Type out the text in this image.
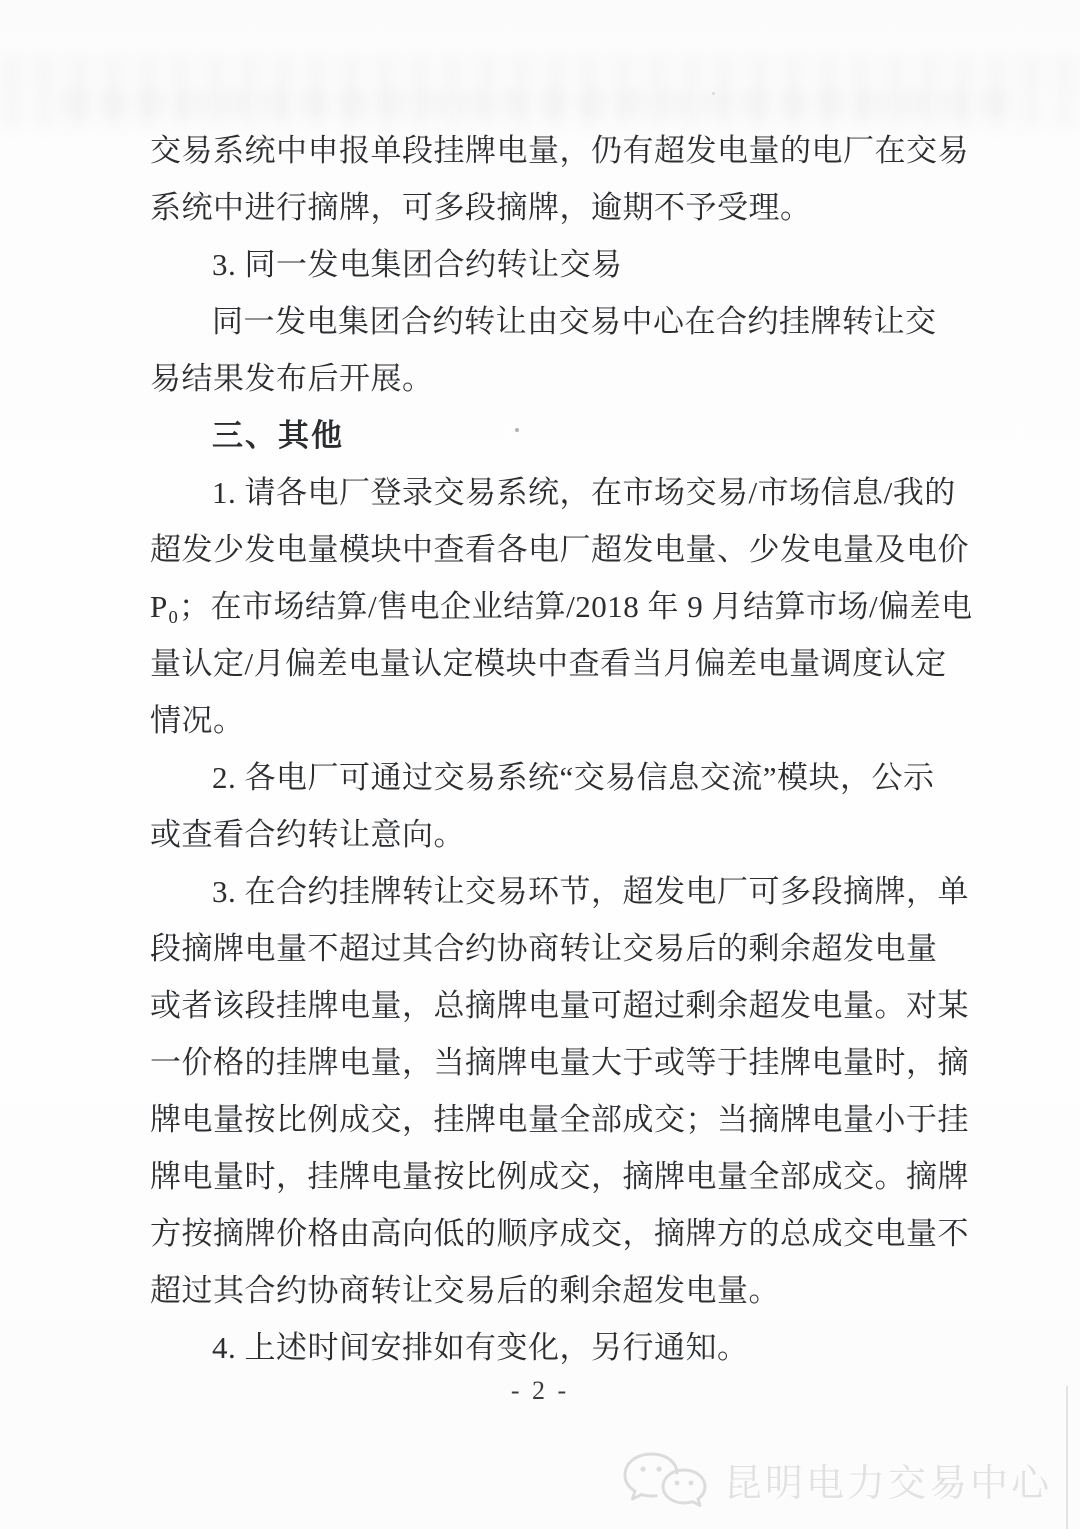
交易系统中申报单段挂牌电量，仍有超发电量的电厂在交易
系统中进行摘牌，可多段摘牌，逾期不予受理。
3. 同一发电集团合约转让交易
同一发电集团合约转让由交易中心在合约挂牌转让交
易结果发布后开展。
三、其他
1. 请各电厂登录交易系统，在市场交易/市场信息/我的
超发少发电量模块中查看各电厂超发电量、少发电量及电价
P₀；在市场结算/售电企业结算/2018 年 9 月结算市场/偏差电
量认定/月偏差电量认定模块中查看当月偏差电量调度认定
情况。
2. 各电厂可通过交易系统“交易信息交流”模块，公示
或查看合约转让意向。
3. 在合约挂牌转让交易环节，超发电厂可多段摘牌，单
段摘牌电量不超过其合约协商转让交易后的剩余超发电量
或者该段挂牌电量，总摘牌电量可超过剩余超发电量。对某
一价格的挂牌电量，当摘牌电量大于或等于挂牌电量时，摘
牌电量按比例成交，挂牌电量全部成交；当摘牌电量小于挂
牌电量时，挂牌电量按比例成交，摘牌电量全部成交。摘牌
方按摘牌价格由高向低的顺序成交，摘牌方的总成交电量不
超过其合约协商转让交易后的剩余超发电量。
4. 上述时间安排如有变化，另行通知。
- 2 -
昆明电力交易中心
